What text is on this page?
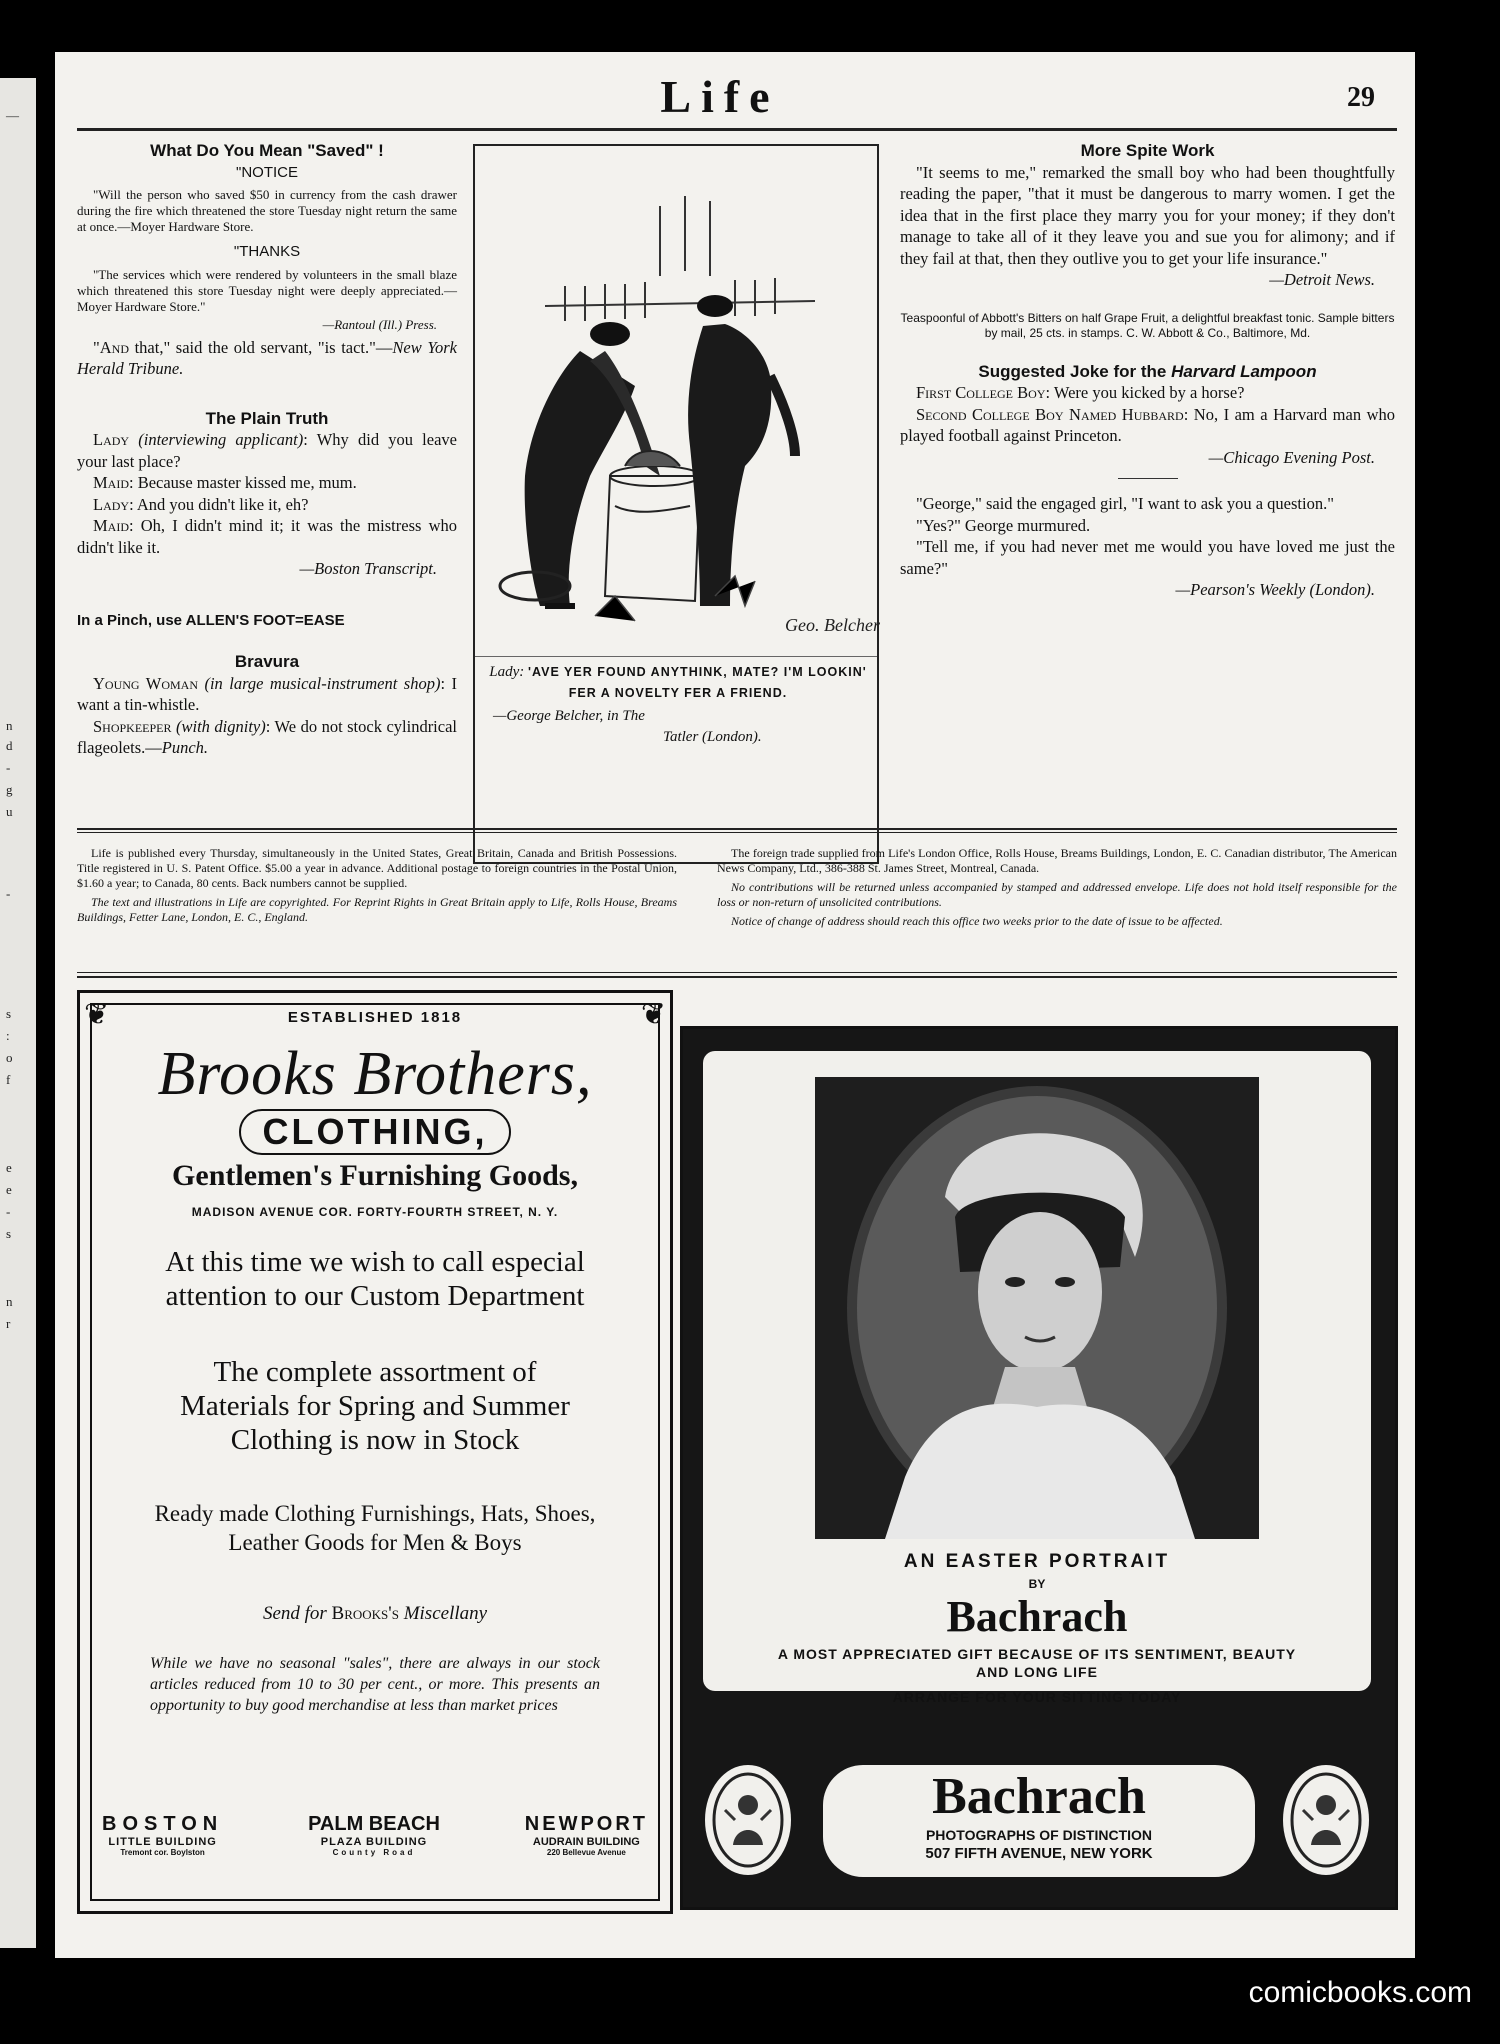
—
n
d
-
g
u
-
s
:
o
f
e
e
-
s
n
r
Life	29

What Do You Mean "Saved" !

"NOTICE

"Will the person who saved $50 in currency from the cash drawer during the fire which threatened the store Tuesday night return the same at once.—Moyer Hardware Store.

"THANKS

"The services which were rendered by volunteers in the small blaze which threatened this store Tuesday night were deeply appreciated.—Moyer Hardware Store."

—Rantoul (Ill.) Press.

"And that," said the old servant, "is tact."—New York Herald Tribune.

The Plain Truth

Lady (interviewing applicant): Why did you leave your last place?

Maid: Because master kissed me, mum.

Lady: And you didn't like it, eh?

Maid: Oh, I didn't mind it; it was the mistress who didn't like it.

—Boston Transcript.

In a Pinch, use ALLEN'S FOOT=EASE

Bravura

Young Woman (in large musical-instrument shop): I want a tin-whistle.

Shopkeeper (with dignity): We do not stock cylindrical flageolets.—Punch.

Geo. Belcher

Lady: 'AVE YER FOUND ANYTHINK, MATE? I'M LOOKIN' FER A NOVELTY FER A FRIEND.

—George Belcher, in The

Tatler (London).

More Spite Work

"It seems to me," remarked the small boy who had been thoughtfully reading the paper, "that it must be dangerous to marry women. I get the idea that in the first place they marry you for your money; if they don't manage to take all of it they leave you and sue you for alimony; and if they fail at that, then they outlive you to get your life insurance."

—Detroit News.

Teaspoonful of Abbott's Bitters on half Grape Fruit, a delightful breakfast tonic. Sample bitters by mail, 25 cts. in stamps. C. W. Abbott & Co., Baltimore, Md.

Suggested Joke for the Harvard Lampoon

First College Boy: Were you kicked by a horse?

Second College Boy Named Hubbard: No, I am a Harvard man who played football against Princeton.

—Chicago Evening Post.

"George," said the engaged girl, "I want to ask you a question."

"Yes?" George murmured.

"Tell me, if you had never met me would you have loved me just the same?"

—Pearson's Weekly (London).

Life is published every Thursday, simultaneously in the United States, Great Britain, Canada and British Possessions. Title registered in U. S. Patent Office. $5.00 a year in advance. Additional postage to foreign countries in the Postal Union, $1.60 a year; to Canada, 80 cents. Back numbers cannot be supplied.

The text and illustrations in Life are copyrighted. For Reprint Rights in Great Britain apply to Life, Rolls House, Breams Buildings, Fetter Lane, London, E. C., England.

The foreign trade supplied from Life's London Office, Rolls House, Breams Buildings, London, E. C. Canadian distributor, The American News Company, Ltd., 386-388 St. James Street, Montreal, Canada.

No contributions will be returned unless accompanied by stamped and addressed envelope. Life does not hold itself responsible for the loss or non-return of unsolicited contributions.

Notice of change of address should reach this office two weeks prior to the date of issue to be affected.

❦	❦
ESTABLISHED 1818
Brooks Brothers,
CLOTHING,
Gentlemen's Furnishing Goods,
MADISON AVENUE COR. FORTY-FOURTH STREET, N. Y.
At this time we wish to call especial attention to our Custom Department
The complete assortment of Materials for Spring and Summer Clothing is now in Stock
Ready made Clothing Furnishings, Hats, Shoes, Leather Goods for Men & Boys
Send for Brooks's Miscellany
While we have no seasonal "sales", there are always in our stock articles reduced from 10 to 30 per cent., or more. This presents an opportunity to buy good merchandise at less than market prices
BOSTON
LITTLE BUILDING
Tremont cor. Boylston
PALM BEACH
PLAZA BUILDING
County Road
NEWPORT
AUDRAIN BUILDING
220 Bellevue Avenue
AN EASTER PORTRAIT
BY
Bachrach
A MOST APPRECIATED GIFT BECAUSE OF ITS SENTIMENT, BEAUTY AND LONG LIFE
ARRANGE FOR YOUR SITTING TODAY
Bachrach
PHOTOGRAPHS OF DISTINCTION
507 FIFTH AVENUE, NEW YORK
comicbooks.com
